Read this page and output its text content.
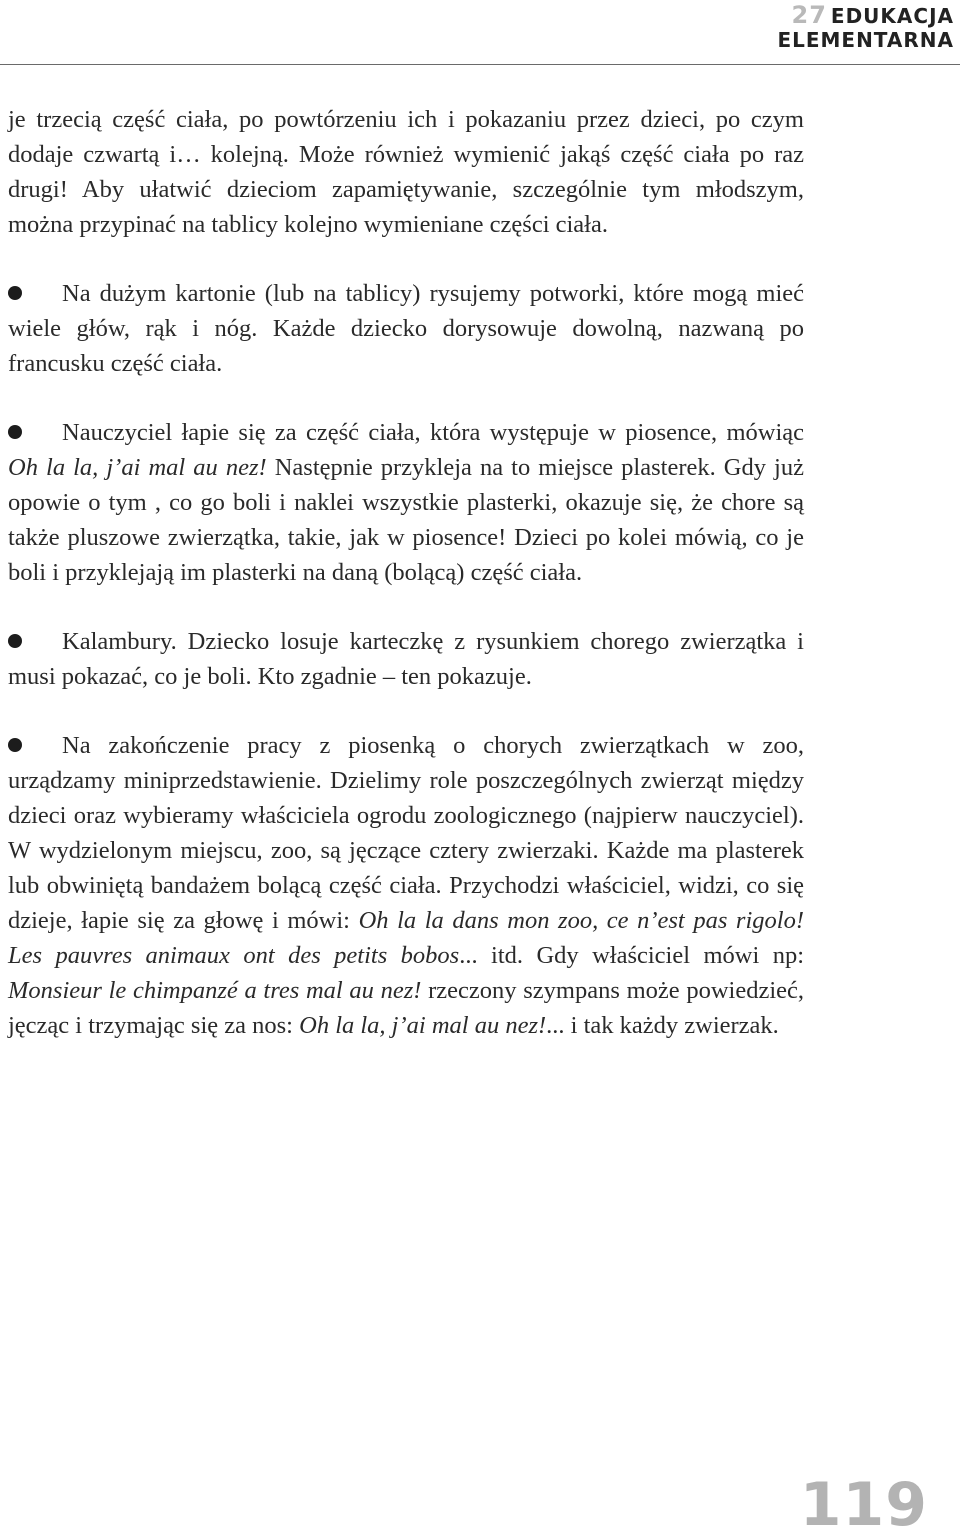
27 EDUKACJA
ELEMENTARNA

je trzecią część ciała, po powtórzeniu ich i pokazaniu przez dzieci, po czym dodaje czwartą i… kolejną. Może również wymienić jakąś część ciała po raz drugi! Aby ułatwić dzieciom zapamiętywanie, szczególnie tym młodszym, można przypinać na tablicy kolejno wymieniane części ciała.

Na dużym kartonie (lub na tablicy) rysujemy potworki, które mogą mieć wiele głów, rąk i nóg. Każde dziecko dorysowuje dowolną, nazwaną po francusku część ciała.

Nauczyciel łapie się za część ciała, która występuje w piosence, mówiąc Oh la la, j’ai mal au nez! Następnie przykleja na to miejsce plasterek. Gdy już opowie o tym , co go boli i naklei wszystkie plasterki, okazuje się, że chore są także pluszowe zwierzątka, takie, jak w piosence! Dzieci po kolei mówią, co je boli i przyklejają im plasterki na daną (bolącą) część ciała.

Kalambury. Dziecko losuje karteczkę z rysunkiem chorego zwierzątka i musi pokazać, co je boli. Kto zgadnie – ten pokazuje.

Na zakończenie pracy z piosenką o chorych zwierzątkach w zoo, urządzamy miniprzedstawienie. Dzielimy role poszczególnych zwierząt między dzieci oraz wybieramy właściciela ogrodu zoologicznego (najpierw nauczyciel). W wydzielonym miejscu, zoo, są jęczące cztery zwierzaki. Każde ma plasterek lub obwiniętą bandażem bolącą część ciała. Przychodzi właściciel, widzi, co się dzieje, łapie się za głowę i mówi: Oh la la dans mon zoo, ce n’est pas rigolo! Les pauvres animaux ont des petits bobos... itd. Gdy właściciel mówi np: Monsieur le chimpanzé a tres mal au nez! rzeczony szympans może powiedzieć, jęcząc i trzymając się za nos: Oh la la, j’ai mal au nez!... i tak każdy zwierzak.

119
